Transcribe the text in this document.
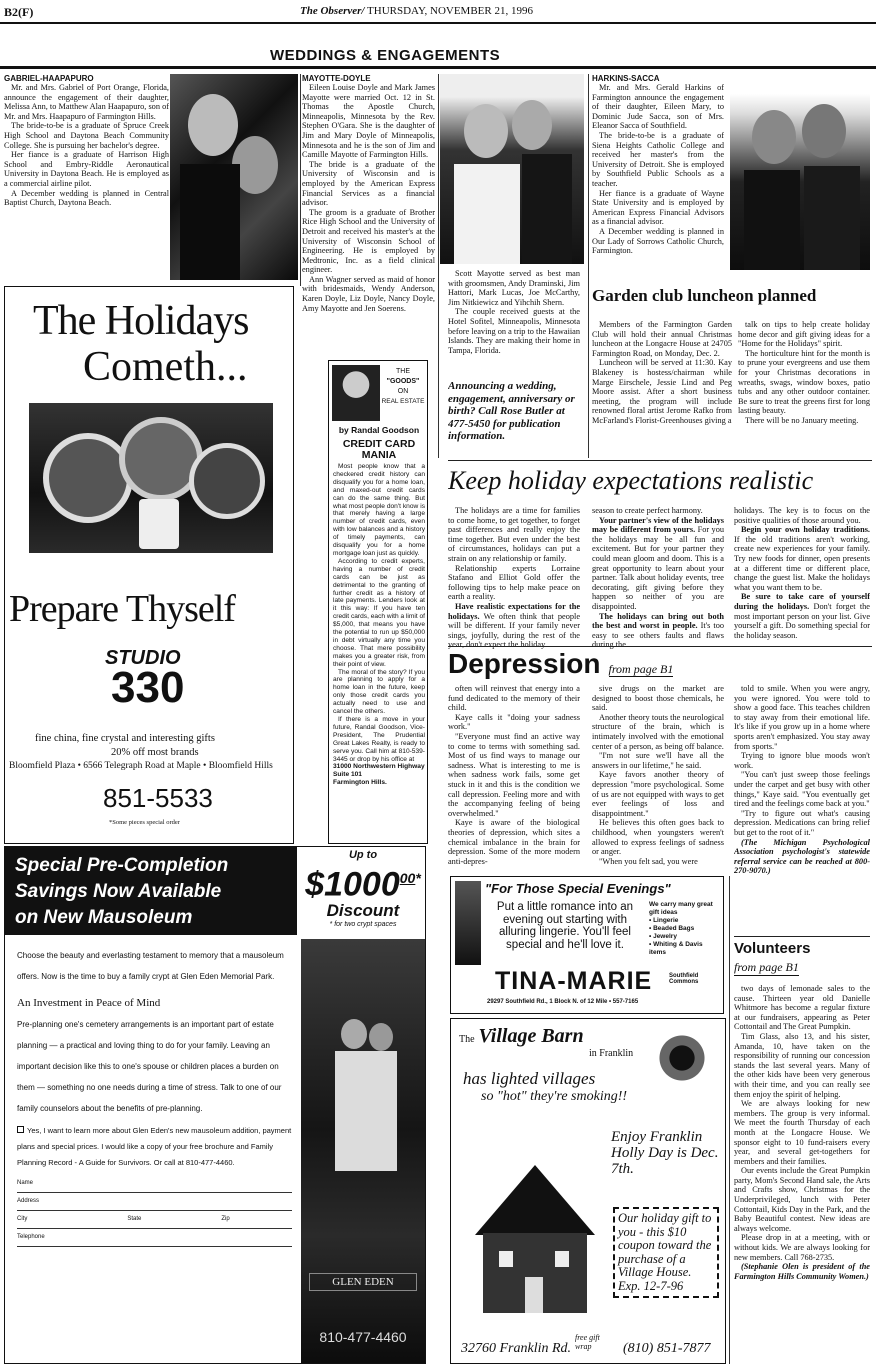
B2(F)	The Observer/ THURSDAY, NOVEMBER 21, 1996
WEDDINGS & ENGAGEMENTS
GABRIEL-HAAPAPURO

Mr. and Mrs. Gabriel of Port Orange, Florida, announce the engagement of their daughter, Melissa Ann, to Matthew Alan Haapapuro, son of Mr. and Mrs. Haapapuro of Farmington Hills.

The bride-to-be is a graduate of Spruce Creek High School and Daytona Beach Community College. She is pursuing her bachelor's degree.

Her fiance is a graduate of Harrison High School and Embry-Riddle Aeronautical University in Daytona Beach. He is employed as a commercial airline pilot.

A December wedding is planned in Central Baptist Church, Daytona Beach.

The Holidays
Cometh...
Prepare Thyself
STUDIO
330
fine china, fine crystal and interesting gifts
20% off most brands
Bloomfield Plaza • 6566 Telegraph Road at Maple • Bloomfield Hills
851-5533
*Some pieces special order
Special Pre-Completion
Savings Now Available
on New Mausoleum
Choose the beauty and everlasting testament to memory that a mausoleum offers. Now is the time to buy a family crypt at Glen Eden Memorial Park.
An Investment in Peace of Mind
Pre-planning one's cemetery arrangements is an important part of estate planning — a practical and loving thing to do for your family. Leaving an important decision like this to one's spouse or children places a burden on them — something no one needs during a time of stress. Talk to one of our family counselors about the benefits of pre-planning.
Yes, I want to learn more about Glen Eden's new mausoleum addition, payment plans and special prices. I would like a copy of your free brochure and Family Planning Record - A Guide for Survivors. Or call at 810-477-4460.
Name
Address
City	State	Zip
Telephone
Up to
$\$1000^{00*}$
Discount
* for two crypt spaces
GLEN EDEN
810-477-4460
MAYOTTE-DOYLE

Eileen Louise Doyle and Mark James Mayotte were married Oct. 12 in St. Thomas the Apostle Church, Minneapolis, Minnesota by the Rev. Stephen O'Gara. She is the daughter of Jim and Mary Doyle of Minneapolis, Minnesota and he is the son of Jim and Camille Mayotte of Farmington Hills.

The bride is a graduate of the University of Wisconsin and is employed by the American Express Financial Services as a financial advisor.

The groom is a graduate of Brother Rice High School and the University of Detroit and received his master's at the University of Wisconsin School of Engineering. He is employed by Medtronic, Inc. as a field clinical engineer.

Ann Wagner served as maid of honor with bridesmaids, Wendy Anderson, Karen Doyle, Liz Doyle, Nancy Doyle, Amy Mayotte and Jen Soerens.

THE
"GOODS"
ON
REAL ESTATE
by Randal Goodson
CREDIT CARD MANIA

Most people know that a checkered credit history can disqualify you for a home loan, and maxed-out credit cards can do the same thing. But what most people don't know is that merely having a large number of credit cards, even with low balances and a history of timely payments, can disqualify you for a home mortgage loan just as quickly.

According to credit experts, having a number of credit cards can be just as detrimental to the granting of further credit as a history of late payments. Lenders look at it this way: If you have ten credit cards, each with a limit of $5,000, that means you have the potential to run up $50,000 in debt virtually any time you choose. That mere possibility makes you a greater risk, from their point of view.

The moral of the story? If you are planning to apply for a home loan in the future, keep only those credit cards you actually need to use and cancel the others.

If there is a move in your future, Randal Goodson, Vice-President, The Prudential Great Lakes Realty, is ready to serve you. Call him at 810-539-3445 or drop by his office at

31000 Northwestern Highway
Suite 101
Farmington Hills.

Scott Mayotte served as best man with groomsmen, Andy Draminski, Jim Hattori, Mark Lucas, Joe McCarthy, Jim Nitkiewicz and Yihchih Shern.

The couple received guests at the Hotel Sofitel, Minneapolis, Minnesota before leaving on a trip to the Hawaiian Islands. They are making their home in Tampa, Florida.

Announcing a wedding, engagement, anniversary or birth? Call Rose Butler at 477-5450 for publication information.
HARKINS-SACCA

Mr. and Mrs. Gerald Harkins of Farmington announce the engagement of their daughter, Eileen Mary, to Dominic Jude Sacca, son of Mrs. Eleanor Sacca of Southfield.

The bride-to-be is a graduate of Siena Heights Catholic College and received her master's from the University of Detroit. She is employed by Southfield Public Schools as a teacher.

Her fiance is a graduate of Wayne State University and is employed by American Express Financial Advisors as a financial advisor.

A December wedding is planned in Our Lady of Sorrows Catholic Church, Farmington.

Garden club luncheon planned

Members of the Farmington Garden Club will hold their annual Christmas luncheon at the Longacre House at 24705 Farmington Road, on Monday, Dec. 2.

Luncheon will be served at 11:30. Kay Blakeney is hostess/chairman while Marge Eirschele, Jessie Lind and Peg Moore assist. After a short business meeting, the program will include renowned floral artist Jerome Rafko from McFarland's Florist-Greenhouses giving a

talk on tips to help create holiday home decor and gift giving ideas for a "Home for the Holidays" spirit.

The horticulture hint for the month is to prune your evergreens and use them for your Christmas decorations in wreaths, swags, window boxes, patio tubs and any other outdoor container. Be sure to treat the greens first for long lasting beauty.

There will be no January meeting.

Keep holiday expectations realistic

The holidays are a time for families to come home, to get together, to forget past differences and really enjoy the time together. But even under the best of circumstances, holidays can put a strain on any relationship or family.

Relationship experts Lorraine Stafano and Elliot Gold offer the following tips to help make peace on earth a reality.

Have realistic expectations for the holidays. We often think that people will be different. If your family never sings, joyfully, during the rest of the year, don't expect the holiday

season to create perfect harmony.

Your partner's view of the holidays may be different from yours. For you the holidays may be all fun and excitement. But for your partner they could mean gloom and doom. This is a great opportunity to learn about your partner. Talk about holiday events, tree decorating, gift giving before they happen so neither of you are disappointed.

The holidays can bring out both the best and worst in people. It's too easy to see others faults and flaws during the

holidays. The key is to focus on the positive qualities of those around you.

Begin your own holiday traditions. If the old traditions aren't working, create new experiences for your family. Try new foods for dinner, open presents at a different time or different place, change the guest list. Make the holidays what you want them to be.

Be sure to take care of yourself during the holidays. Don't forget the most important person on your list. Give yourself a gift. Do something special for the holiday season.

Depression from page B1

often will reinvest that energy into a fund dedicated to the memory of their child.

Kaye calls it "doing your sadness work."

"Everyone must find an active way to come to terms with something sad. Most of us find ways to manage our sadness. What is interesting to me is when sadness work fails, some get stuck in it and this is the condition we call depression. Feeling more and with the accompanying feeling of being overwhelmed."

Kaye is aware of the biological theories of depression, which sites a chemical imbalance in the brain for depression. Some of the more modern anti-depres-

sive drugs on the market are designed to boost those chemicals, he said.

Another theory touts the neurological structure of the brain, which is intimately involved with the emotional center of a person, as being off balance.

"I'm not sure we'll have all the answers in our lifetime," he said.

Kaye favors another theory of depression "more psychological. Some of us are not equipped with ways to get ever feelings of loss and disappointment."

He believes this often goes back to childhood, when youngsters weren't allowed to express feelings of sadness or anger.

"When you felt sad, you were

told to smile. When you were angry, you were ignored. You were told to show a good face. This teaches children to stay away from their emotional life. It's like if you grow up in a home where sports aren't emphasized. You stay away from sports."

Trying to ignore blue moods won't work.

"You can't just sweep those feelings under the carpet and get busy with other things," Kaye said. "You eventually get tired and the feelings come back at you."

"Try to figure out what's causing depression. Medications can bring relief but get to the root of it."

(The Michigan Psychological Association psychologist's statewide referral service can be reached at 800-270-9070.)

"For Those Special Evenings"
Put a little romance into an evening out starting with alluring lingerie. You'll feel special and he'll love it.
We carry many great gift ideas
• Lingerie
• Beaded Bags
• Jewelry
• Whiting & Davis items
TINA-MARIE	Southfield Commons
29297 Southfield Rd., 1 Block N. of 12 Mile • 557-7165
The Village Barn
in Franklin
has lighted villages
so "hot" they're smoking!!
Enjoy Franklin Holly Day is Dec. 7th.
Our holiday gift to you - this $10 coupon toward the purchase of a Village House. Exp. 12-7-96
32760 Franklin Rd.
free gift wrap	(810) 851-7877
Volunteers
from page B1

two days of lemonade sales to the cause. Thirteen year old Danielle Whitmore has become a regular fixture at our fundraisers, appearing as Peter Cottontail and The Great Pumpkin.

Tim Glass, also 13, and his sister, Amanda, 10, have taken on the responsibility of running our concession stands the last several years. Many of the other kids have been very generous with their time, and you can really see them enjoy the spirit of helping.

We are always looking for new members. The group is very informal. We meet the fourth Thursday of each month at the Longacre House. We sponsor eight to 10 fund-raisers every year, and several get-togethers for members and their families.

Our events include the Great Pumpkin party, Mom's Second Hand sale, the Arts and Crafts show, Christmas for the Underprivileged, lunch with Peter Cottontail, Kids Day in the Park, and the Baby Beautiful contest. New ideas are always welcome.

Please drop in at a meeting, with or without kids. We are always looking for new members. Call 768-2735.

(Stephanie Olen is president of the Farmington Hills Community Women.)
